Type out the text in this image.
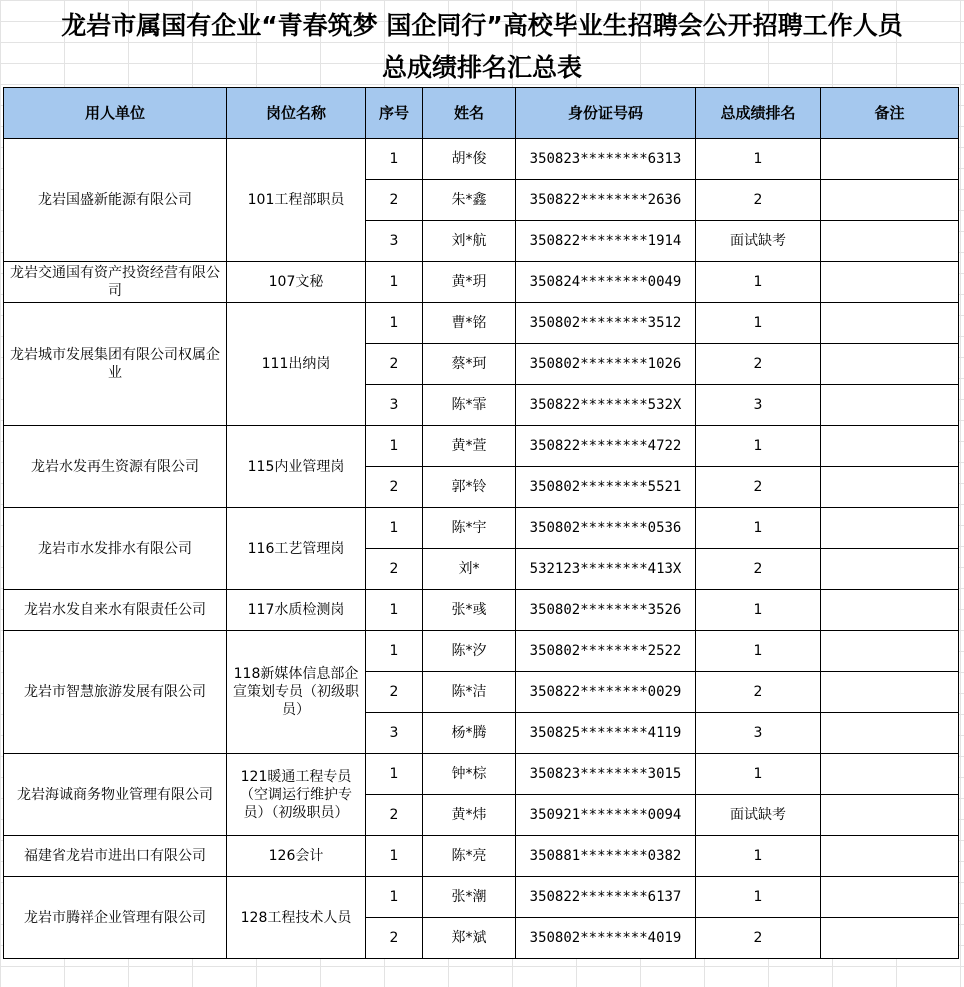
龙岩市属国有企业“青春筑梦 国企同行”高校毕业生招聘会公开招聘工作人员
总成绩排名汇总表
用人单位	岗位名称	序号	姓名	身份证号码	总成绩排名	备注
龙岩国盛新能源有限公司	101工程部职员	1	胡*俊	350823********6313	1	
		2	朱*鑫	350822********2636	2	
		3	刘*航	350822********1914	面试缺考	
龙岩交通国有资产投资经营有限公司	107文秘	1	黄*玥	350824********0049	1	
龙岩城市发展集团有限公司权属企业	111出纳岗	1	曹*铭	350802********3512	1	
		2	蔡*珂	350802********1026	2	
		3	陈*霏	350822********532X	3	
龙岩水发再生资源有限公司	115内业管理岗	1	黄*萱	350822********4722	1	
		2	郭*铃	350802********5521	2	
龙岩市水发排水有限公司	116工艺管理岗	1	陈*宇	350802********0536	1	
		2	刘*	532123********413X	2	
龙岩水发自来水有限责任公司	117水质检测岗	1	张*彧	350802********3526	1	
龙岩市智慧旅游发展有限公司	118新媒体信息部企宣策划专员（初级职员）	1	陈*汐	350802********2522	1	
		2	陈*洁	350822********0029	2	
		3	杨*腾	350825********4119	3	
龙岩海诚商务物业管理有限公司	121暖通工程专员（空调运行维护专员）（初级职员）	1	钟*棕	350823********3015	1	
		2	黄*炜	350921********0094	面试缺考	
福建省龙岩市进出口有限公司	126会计	1	陈*亮	350881********0382	1	
龙岩市腾祥企业管理有限公司	128工程技术人员	1	张*潮	350822********6137	1	
		2	郑*斌	350802********4019	2	
